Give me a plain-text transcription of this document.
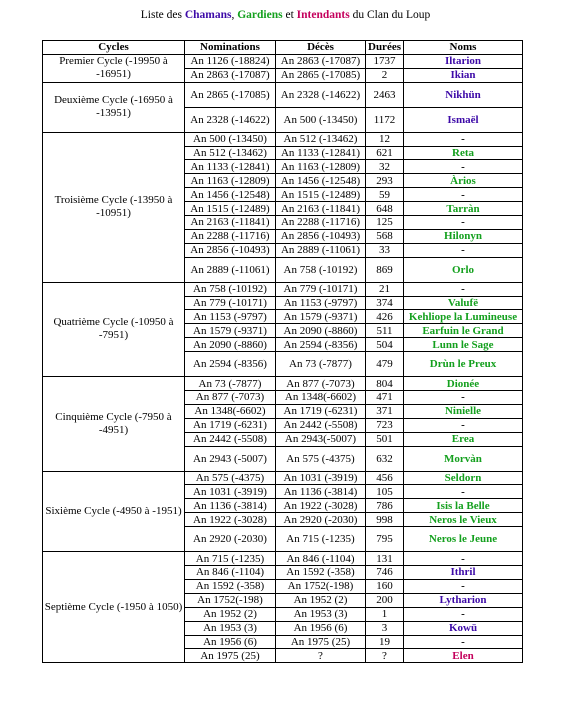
Liste des Chamans, Gardiens et Intendants du Clan du Loup
Cycles	Nominations	Décès	Durées	Noms
Premier Cycle (-19950 à -16951)	An 1126 (-18824)	An 2863 (-17087)	1737	Iltarion
	An 2863 (-17087)	An 2865 (-17085)	2	Ikian
Deuxième Cycle (-16950 à -13951)	An 2865 (-17085)	An 2328 (-14622)	2463	Nikhün
	An 2328 (-14622)	An 500 (-13450)	1172	Ismaël
Troisième Cycle (-13950 à -10951)	An 500 (-13450)	An 512 (-13462)	12	-
	An 512 (-13462)	An 1133 (-12841)	621	Reta
	An 1133 (-12841)	An 1163 (-12809)	32	-
	An 1163 (-12809)	An 1456 (-12548)	293	Àrios
	An 1456 (-12548)	An 1515 (-12489)	59	-
	An 1515 (-12489)	An 2163 (-11841)	648	Tarràn
	An 2163 (-11841)	An 2288 (-11716)	125	-
	An 2288 (-11716)	An 2856 (-10493)	568	Hilonyn
	An 2856 (-10493)	An 2889 (-11061)	33	-
	An 2889 (-11061)	An 758 (-10192)	869	Orlo
Quatrième Cycle (-10950 à -7951)	An 758 (-10192)	An 779 (-10171)	21	-
	An 779 (-10171)	An 1153 (-9797)	374	Valufë
	An 1153 (-9797)	An 1579 (-9371)	426	Kehliope la Lumineuse
	An 1579 (-9371)	An 2090 (-8860)	511	Earfuin le Grand
	An 2090 (-8860)	An 2594 (-8356)	504	Lunn le Sage
	An 2594 (-8356)	An 73 (-7877)	479	Drùn le Preux
Cinquième Cycle (-7950 à -4951)	An 73 (-7877)	An 877 (-7073)	804	Dionée
	An 877 (-7073)	An 1348(-6602)	471	-
	An 1348(-6602)	An 1719 (-6231)	371	Ninielle
	An 1719 (-6231)	An 2442 (-5508)	723	-
	An 2442 (-5508)	An 2943(-5007)	501	Erea
	An 2943 (-5007)	An 575 (-4375)	632	Morvàn
Sixième Cycle (-4950 à -1951)	An 575 (-4375)	An 1031 (-3919)	456	Seldorn
	An 1031 (-3919)	An 1136 (-3814)	105	-
	An 1136 (-3814)	An 1922 (-3028)	786	Isis la Belle
	An 1922 (-3028)	An 2920 (-2030)	998	Neros le Vieux
	An 2920 (-2030)	An 715 (-1235)	795	Neros le Jeune
Septième Cycle (-1950 à 1050)	An 715 (-1235)	An 846 (-1104)	131	-
	An 846 (-1104)	An 1592 (-358)	746	Ithril
	An 1592 (-358)	An 1752(-198)	160	-
	An 1752(-198)	An 1952 (2)	200	Lytharion
	An 1952 (2)	An 1953 (3)	1	-
	An 1953 (3)	An 1956 (6)	3	Kowü
	An 1956 (6)	An 1975 (25)	19	-
	An 1975 (25)	?	?	Elen
